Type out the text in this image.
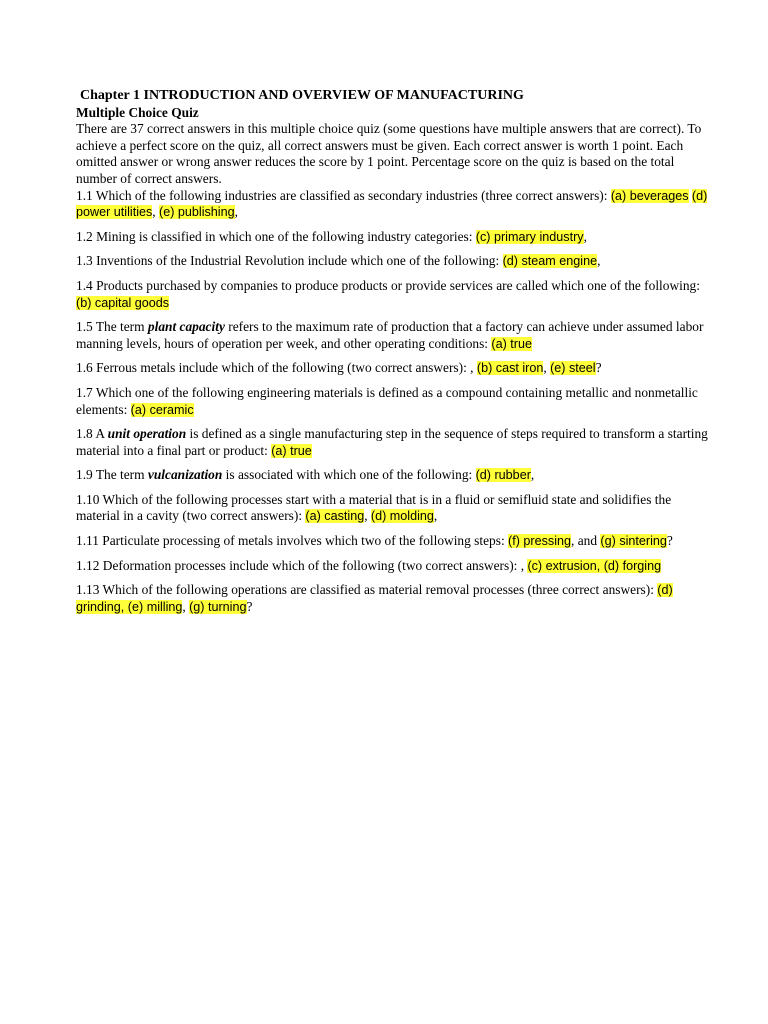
Chapter 1 INTRODUCTION AND OVERVIEW OF MANUFACTURING
Multiple Choice Quiz
There are 37 correct answers in this multiple choice quiz (some questions have multiple answers that are correct). To achieve a perfect score on the quiz, all correct answers must be given. Each correct answer is worth 1 point. Each omitted answer or wrong answer reduces the score by 1 point. Percentage score on the quiz is based on the total number of correct answers.
1.1 Which of the following industries are classified as secondary industries (three correct answers): (a) beverages (d) power utilities, (e) publishing,
1.2 Mining is classified in which one of the following industry categories: (c) primary industry,
1.3 Inventions of the Industrial Revolution include which one of the following: (d) steam engine,
1.4 Products purchased by companies to produce products or provide services are called which one of the following: (b) capital goods
1.5 The term plant capacity refers to the maximum rate of production that a factory can achieve under assumed labor manning levels, hours of operation per week, and other operating conditions: (a) true
1.6 Ferrous metals include which of the following (two correct answers): , (b) cast iron, (e) steel?
1.7 Which one of the following engineering materials is defined as a compound containing metallic and nonmetallic elements: (a) ceramic
1.8 A unit operation is defined as a single manufacturing step in the sequence of steps required to transform a starting material into a final part or product: (a) true
1.9 The term vulcanization is associated with which one of the following: (d) rubber,
1.10 Which of the following processes start with a material that is in a fluid or semifluid state and solidifies the material in a cavity (two correct answers): (a) casting, (d) molding,
1.11 Particulate processing of metals involves which two of the following steps: (f) pressing, and (g) sintering?
1.12 Deformation processes include which of the following (two correct answers): , (c) extrusion, (d) forging
1.13 Which of the following operations are classified as material removal processes (three correct answers): (d) grinding, (e) milling, (g) turning?
